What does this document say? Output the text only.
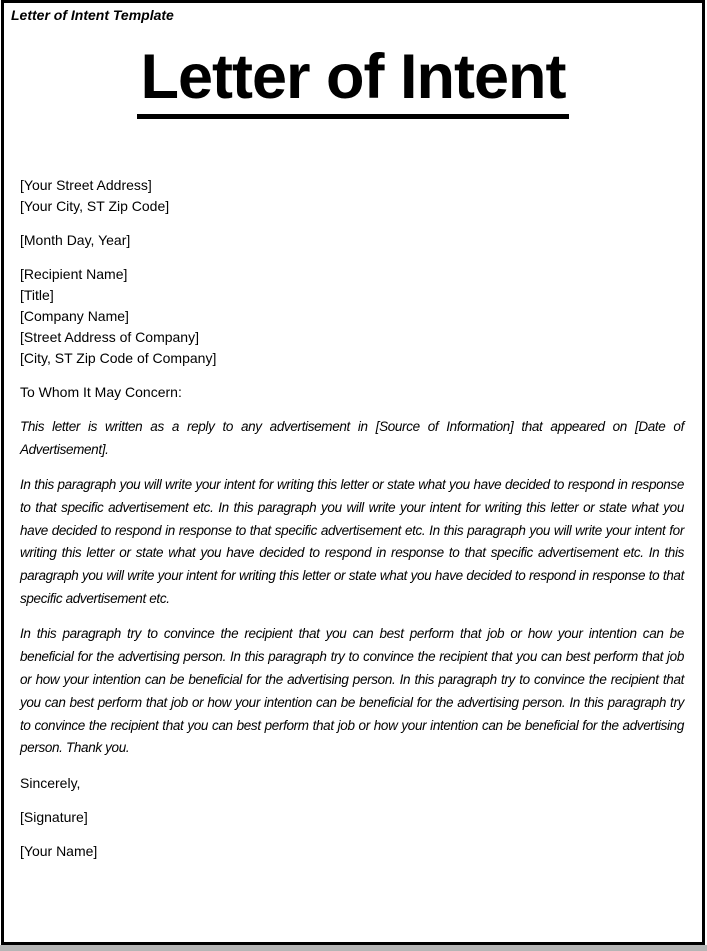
Letter of Intent Template
Letter of Intent

[Your Street Address]

[Your City, ST Zip Code]

[Month Day, Year]

[Recipient Name]

[Title]

[Company Name]

[Street Address of Company]

[City, ST Zip Code of Company]

To Whom It May Concern:

This letter is written as a reply to any advertisement in [Source of Information] that appeared on [Date of Advertisement].

In this paragraph you will write your intent for writing this letter or state what you have decided to respond in response to that specific advertisement etc. In this paragraph you will write your intent for writing this letter or state what you have decided to respond in response to that specific advertisement etc. In this paragraph you will write your intent for writing this letter or state what you have decided to respond in response to that specific advertisement etc. In this paragraph you will write your intent for writing this letter or state what you have decided to respond in response to that specific advertisement etc.

In this paragraph try to convince the recipient that you can best perform that job or how your intention can be beneficial for the advertising person. In this paragraph try to convince the recipient that you can best perform that job or how your intention can be beneficial for the advertising person. In this paragraph try to convince the recipient that you can best perform that job or how your intention can be beneficial for the advertising person. In this paragraph try to convince the recipient that you can best perform that job or how your intention can be beneficial for the advertising person. Thank you.

Sincerely,

[Signature]

[Your Name]
